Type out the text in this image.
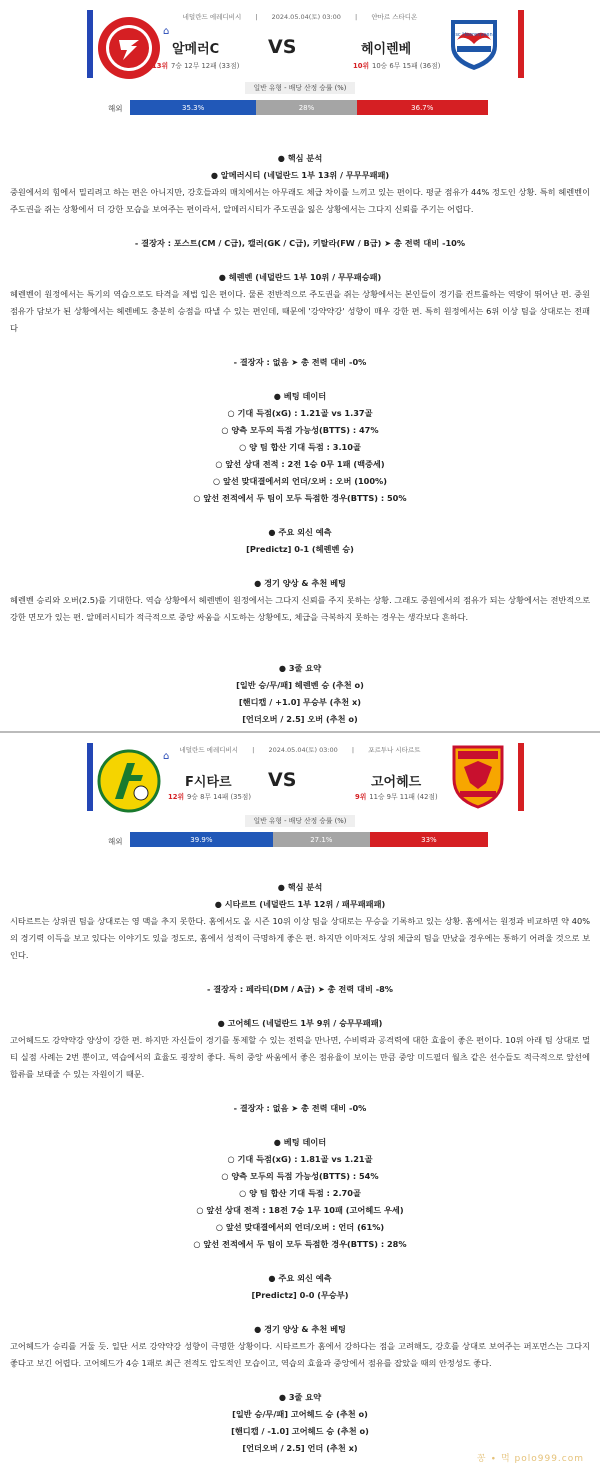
네덜란드 에레디비시 | 2024.05.04(토) 03:00 | 얀마르 스타디온
⌂
알메러C	VS	헤이렌베
13위 7승 12무 12패 (33점)	10위 10승 6무 15패 (36점)
sc Heerenveen
일반 유형 - 배당 산정 승률 (%)
해외	35.3%	28%	36.7%
● 핵심 분석
● 알메러시티 (네덜란드 1부 13위 / 무무무패패)
중원에서의 힘에서 밀리려고 하는 편은 아니지만, 강호들과의 매치에서는 아무래도 체급 차이를 느끼고 있는 편이다. 평균 점유가 44% 정도인 상황. 특히 헤렌벤이 주도권을 쥐는 상황에서 더 강한 모습을 보여주는 편이라서, 알메러시티가 주도권을 잃은 상황에서는 그다지 신뢰를 주기는 어렵다.
- 결장자 : 포스트(CM / C급), 캘러(GK / C급), 키탈라(FW / B급) ➤ 총 전력 대비 -10%
● 헤렌벤 (네덜란드 1부 10위 / 무무패승패)
헤렌벤이 원정에서는 특기의 역습으로도 타격을 제법 입은 편이다. 물론 전반적으로 주도권을 쥐는 상황에서는 본인들이 경기를 컨트롤하는 역량이 뛰어난 편. 중원 점유가 담보가 된 상황에서는 헤렌베도 충분히 승점을 따낼 수 있는 편인데, 때문에 '강약약강' 성향이 매우 강한 편. 특히 원정에서는 6위 이상 팀을 상대로는 전패다
- 결장자 : 없음 ➤ 총 전력 대비 -0%
● 베팅 데이터
○ 기대 득점(xG) : 1.21골 vs 1.37골
○ 양측 모두의 득점 가능성(BTTS) : 47%
○ 양 팀 합산 기대 득점 : 3.10골
○ 앞선 상대 전적 : 2전 1승 0무 1패 (백중세)
○ 앞선 맞대결에서의 언더/오버 : 오버 (100%)
○ 앞선 전적에서 두 팀이 모두 득점한 경우(BTTS) : 50%
● 주요 외신 예측
[Predictz] 0-1 (헤렌벤 승)
● 경기 양상 & 추천 베팅
헤렌벤 승리와 오버(2.5)를 기대한다. 역습 상황에서 헤렌벤이 원정에서는 그다지 신뢰를 주지 못하는 상황. 그래도 중원에서의 점유가 되는 상황에서는 전반적으로 강한 면모가 있는 편. 알메러시티가 적극적으로 중앙 싸움을 시도하는 상황에도, 체급을 극복하지 못하는 경우는 생각보다 흔하다.
● 3줄 요약
[일반 승/무/패] 헤렌벤 승 (추천 o)
[핸디캡 / +1.0] 무승부 (추천 x)
[언더오버 / 2.5] 오버 (추천 o)
네덜란드 에레디비시 | 2024.05.04(토) 03:00 | 포르투나 시타르트
⌂
F시타르 VS	고어헤드
12위 9승 8무 14패 (35점)	9위 11승 9무 11패 (42점)
일반 유형 - 배당 산정 승률 (%)
해외	39.9%	27.1%	33%
● 핵심 분석
● 시타르트 (네덜란드 1부 12위 / 패무패패패)
시타르트는 상위권 팀을 상대로는 영 맥을 추지 못한다. 홈에서도 올 시즌 10위 이상 팀을 상대로는 무승을 기록하고 있는 상황. 홈에서는 원정과 비교하면 약 40%의 경기력 이득을 보고 있다는 이야기도 있을 정도로, 홈에서 성적이 극명하게 좋은 편. 하지만 이마저도 상위 체급의 팀을 만났을 경우에는 통하기 어려울 것으로 보인다.
- 결장자 : 페라티(DM / A급) ➤ 총 전력 대비 -8%
● 고어헤드 (네덜란드 1부 9위 / 승무무패패)
고어헤드도 강약약강 양상이 강한 편. 하지만 자신들이 경기를 통제할 수 있는 전력을 만나면, 수비력과 공격력에 대한 효율이 좋은 편이다. 10위 아래 팀 상대로 멀티 실점 사례는 2번 뿐이고, 역습에서의 효율도 굉장히 좋다. 특히 중앙 싸움에서 좋은 점유율이 보이는 만큼 중앙 미드필더 월츠 같은 선수들도 적극적으로 앞선에 합류를 보태줄 수 있는 자원이기 때문.
- 결장자 : 없음 ➤ 총 전력 대비 -0%
● 베팅 데이터
○ 기대 득점(xG) : 1.81골 vs 1.21골
○ 양측 모두의 득점 가능성(BTTS) : 54%
○ 양 팀 합산 기대 득점 : 2.70골
○ 앞선 상대 전적 : 18전 7승 1무 10패 (고어헤드 우세)
○ 앞선 맞대결에서의 언더/오버 : 언더 (61%)
○ 앞선 전적에서 두 팀이 모두 득점한 경우(BTTS) : 28%
● 주요 외신 예측
[Predictz] 0-0 (무승부)
● 경기 양상 & 추천 베팅
고어헤드가 승리를 거둘 듯. 일단 서로 강약약강 성향이 극명한 상황이다. 시타르트가 홈에서 강하다는 점을 고려해도, 강호를 상대로 보여주는 퍼포먼스는 그다지 좋다고 보긴 어렵다. 고어헤드가 4승 1패로 최근 전적도 압도적인 모습이고, 역습의 효율과 중앙에서 점유를 잡았을 때의 안정성도 좋다.
● 3줄 요약
[일반 승/무/패] 고어헤드 승 (추천 o)
[핸디캡 / -1.0] 고어헤드 승 (추천 o)
[언더오버 / 2.5] 언더 (추천 x)
꽁 ∙ 먹 polo999.com
